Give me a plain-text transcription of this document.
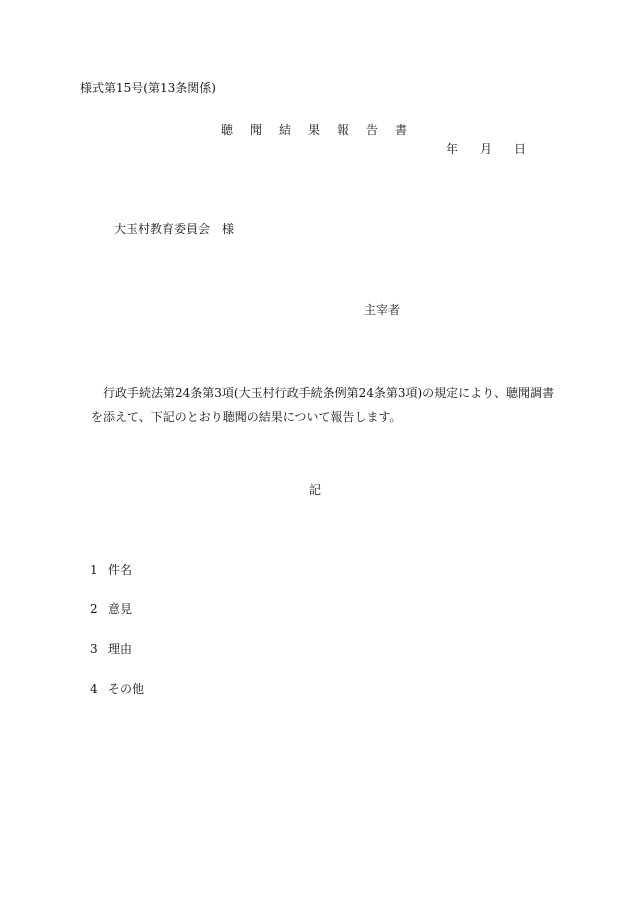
様式第15号(第13条関係)
聴聞結果報告書
年 月 日
大玉村教育委員会　様
主宰者
行政手続法第24条第3項(大玉村行政手続条例第24条第3項)の規定により、聴聞調書を添えて、下記のとおり聴聞の結果について報告します。
記
1 件名
2 意見
3 理由
4 その他
